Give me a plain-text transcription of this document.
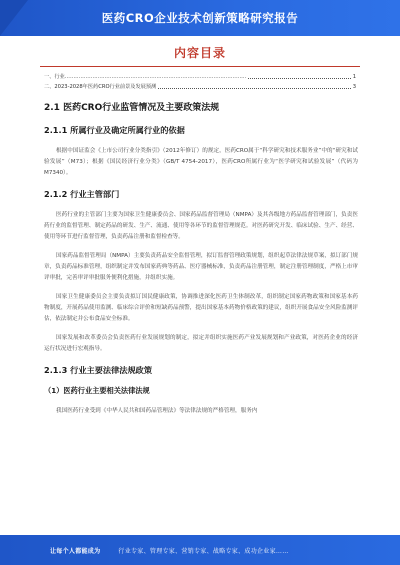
医药CRO企业技术创新策略研究报告
内容目录
一、行业……………………………………………………………………………………………	1
二、2023-2028年医药CRO行业前景及发展预测	3
2.1 医药CRO行业监管情况及主要政策法规
2.1.1 所属行业及确定所属行业的依据

根据中国证监会《上市公司行业分类指引》（2012年修订）的规定，医药CRO属于“科学研究和技术服务业”中的“研究和试验发展”（M73）；根据《国民经济行业分类》（GB/T 4754-2017），医药CRO所属行业为“医学研究和试验发展”（代码为M7340）。

2.1.2 行业主管部门

医药行业的主管部门主要为国家卫生健康委员会、国家药品监督管理局（NMPA）及其各级地方药品监督管理部门，负责医药行业的监督管理、制定药品的研发、生产、流通、使用等各环节的监督管理规范。对医药研究开发、临床试验、生产、经营、使用等环节进行监督管理，负责药品注册和监督检查等。

国家药品监督管理局（NMPA）主要负责药品安全监督管理，拟订监督管理政策规划，组织起草法律法规草案，拟订部门规章，负责药品标准管理，组织制定并发布国家药典等药品、医疗器械标准，负责药品注册管理，制定注册管理制度，严格上市审评审批，完善审评审批服务便利化措施，并组织实施。

国家卫生健康委员会主要负责拟订国民健康政策，协调推进深化医药卫生体制改革，组织制定国家药物政策和国家基本药物制度，开展药品使用监测、临床综合评价和短缺药品预警，提出国家基本药物价格政策的建议，组织开展食品安全风险监测评估，依法制定并公布食品安全标准。

国家发展和改革委员会负责医药行业发展规划的制定，拟定并组织实施医药产业发展规划和产业政策，对医药企业的经济运行状况进行宏观指导。

2.1.3 行业主要法律法规政策
（1）医药行业主要相关法律法规

我国医药行业受到《中华人民共和国药品管理法》等法律法规的严格管理，服务内

让每个人都能成为	行业专家、管理专家、营销专家、战略专家、成功企业家……
